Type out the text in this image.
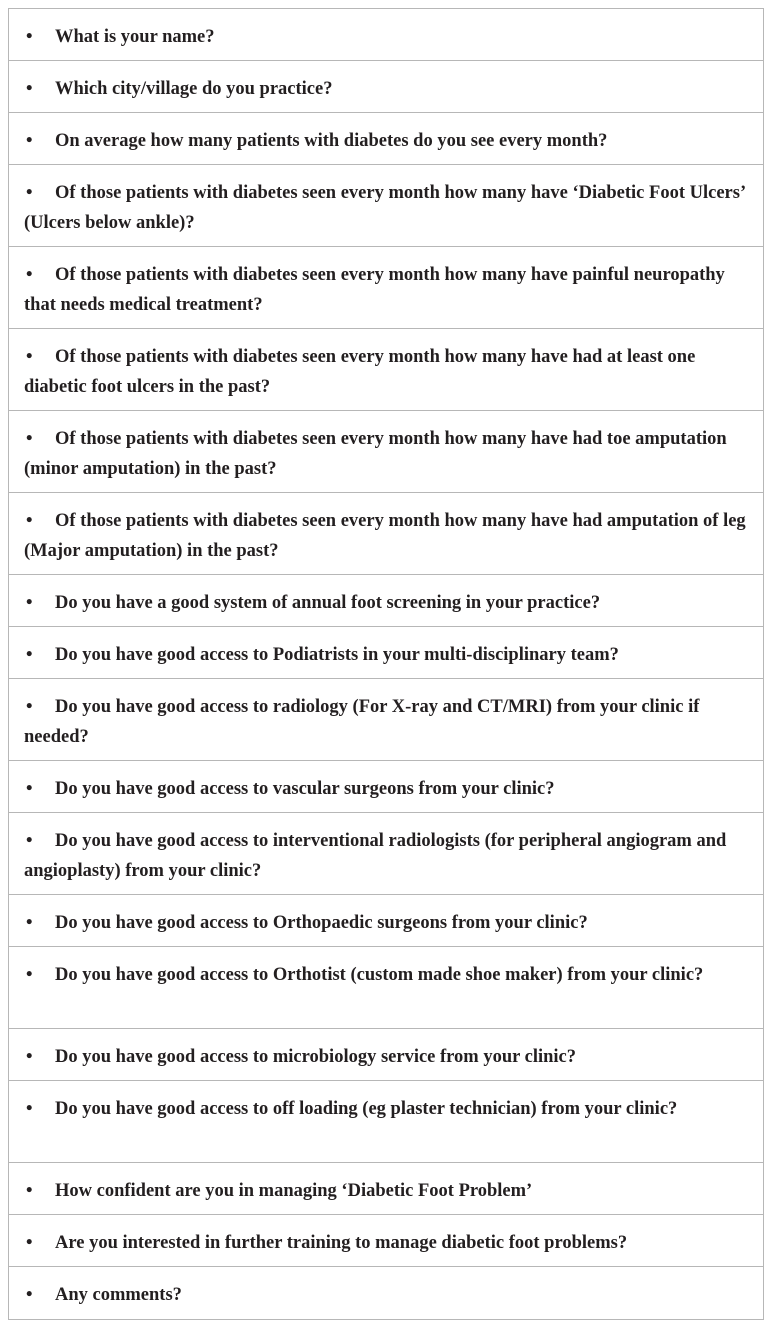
•What is your name?
•Which city/village do you practice?
•On average how many patients with diabetes do you see every month?
•Of those patients with diabetes seen every month how many have ‘Diabetic Foot Ulcers’ (Ulcers below ankle)?
•Of those patients with diabetes seen every month how many have painful neuropathy that needs medical treatment?
•Of those patients with diabetes seen every month how many have had at least one diabetic foot ulcers in the past?
•Of those patients with diabetes seen every month how many have had toe amputation (minor amputation) in the past?
•Of those patients with diabetes seen every month how many have had amputation of leg (Major amputation) in the past?
•Do you have a good system of annual foot screening in your practice?
•Do you have good access to Podiatrists in your multi-disciplinary team?
•Do you have good access to radiology (For X-ray and CT/MRI) from your clinic if needed?
•Do you have good access to vascular surgeons from your clinic?
•Do you have good access to interventional radiologists (for peripheral angiogram and angioplasty) from your clinic?
•Do you have good access to Orthopaedic surgeons from your clinic?
•Do you have good access to Orthotist (custom made shoe maker) from your clinic?
•Do you have good access to microbiology service from your clinic?
•Do you have good access to off loading (eg plaster technician) from your clinic?
•How confident are you in managing ‘Diabetic Foot Problem’
•Are you interested in further training to manage diabetic foot problems?
•Any comments?
